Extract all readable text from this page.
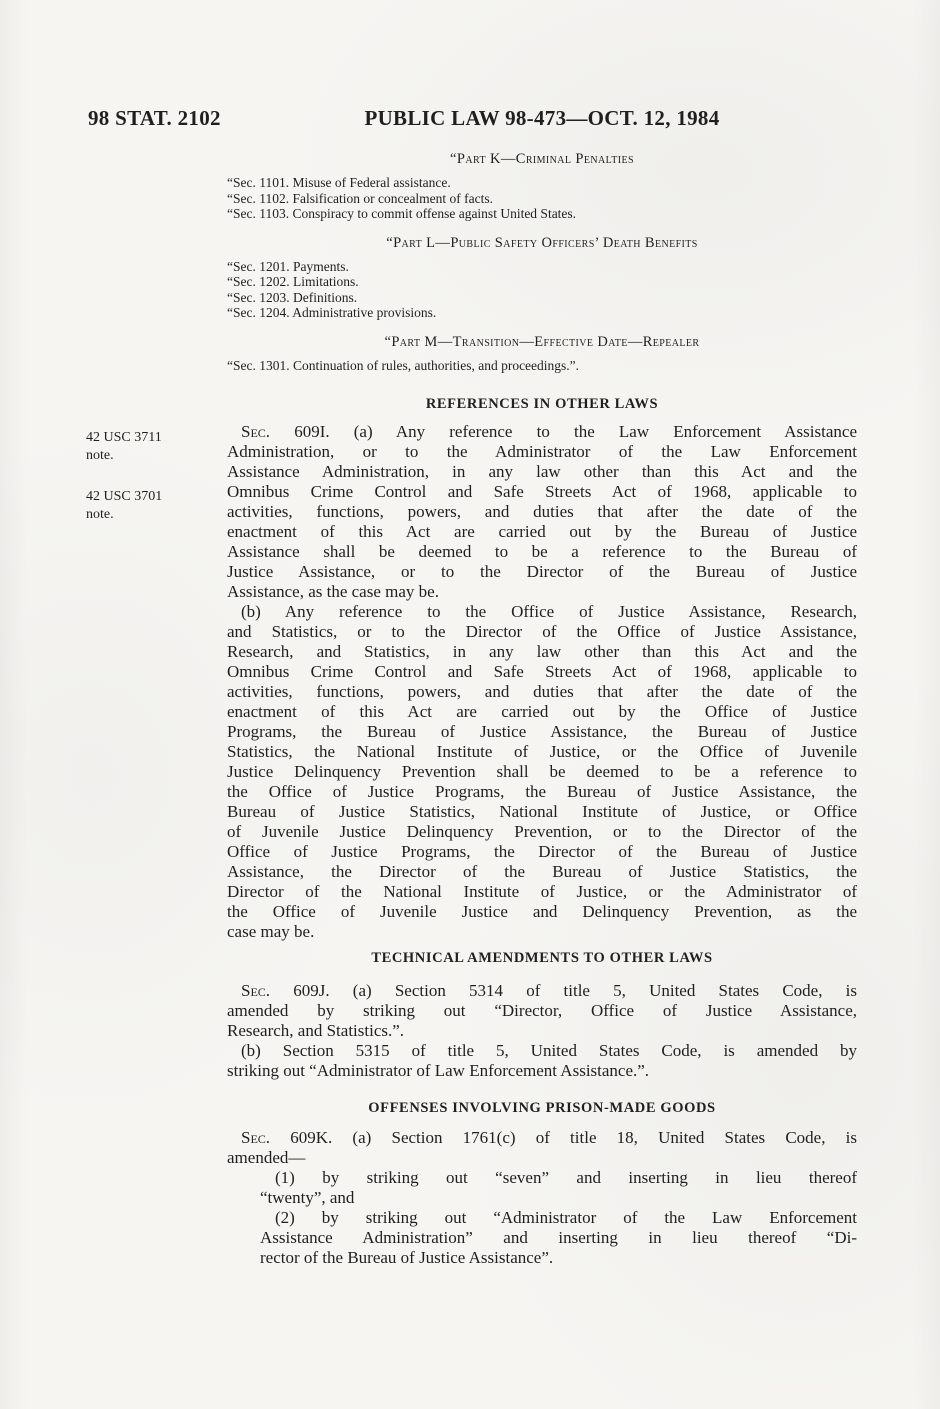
98 STAT. 2102	PUBLIC LAW 98-473—OCT. 12, 1984
“Part K—Criminal Penalties
“Sec. 1101. Misuse of Federal assistance.
“Sec. 1102. Falsification or concealment of facts.
“Sec. 1103. Conspiracy to commit offense against United States.
“Part L—Public Safety Officers’ Death Benefits
“Sec. 1201. Payments.
“Sec. 1202. Limitations.
“Sec. 1203. Definitions.
“Sec. 1204. Administrative provisions.
“Part M—Transition—Effective Date—Repealer
“Sec. 1301. Continuation of rules, authorities, and proceedings.”.
42 USC 3711 note.
42 USC 3701 note.
REFERENCES IN OTHER LAWS
Sec. 609I. (a) Any reference to the Law Enforcement Assistance
Administration, or to the Administrator of the Law Enforcement
Assistance Administration, in any law other than this Act and the
Omnibus Crime Control and Safe Streets Act of 1968, applicable to
activities, functions, powers, and duties that after the date of the
enactment of this Act are carried out by the Bureau of Justice
Assistance shall be deemed to be a reference to the Bureau of
Justice Assistance, or to the Director of the Bureau of Justice
Assistance, as the case may be.
(b) Any reference to the Office of Justice Assistance, Research,
and Statistics, or to the Director of the Office of Justice Assistance,
Research, and Statistics, in any law other than this Act and the
Omnibus Crime Control and Safe Streets Act of 1968, applicable to
activities, functions, powers, and duties that after the date of the
enactment of this Act are carried out by the Office of Justice
Programs, the Bureau of Justice Assistance, the Bureau of Justice
Statistics, the National Institute of Justice, or the Office of Juvenile
Justice Delinquency Prevention shall be deemed to be a reference to
the Office of Justice Programs, the Bureau of Justice Assistance, the
Bureau of Justice Statistics, National Institute of Justice, or Office
of Juvenile Justice Delinquency Prevention, or to the Director of the
Office of Justice Programs, the Director of the Bureau of Justice
Assistance, the Director of the Bureau of Justice Statistics, the
Director of the National Institute of Justice, or the Administrator of
the Office of Juvenile Justice and Delinquency Prevention, as the
case may be.
TECHNICAL AMENDMENTS TO OTHER LAWS
Sec. 609J. (a) Section 5314 of title 5, United States Code, is
amended by striking out “Director, Office of Justice Assistance,
Research, and Statistics.”.
(b) Section 5315 of title 5, United States Code, is amended by
striking out “Administrator of Law Enforcement Assistance.”.
OFFENSES INVOLVING PRISON-MADE GOODS
Sec. 609K. (a) Section 1761(c) of title 18, United States Code, is
amended—
(1) by striking out “seven” and inserting in lieu thereof
“twenty”, and
(2) by striking out “Administrator of the Law Enforcement
Assistance Administration” and inserting in lieu thereof “Di-
rector of the Bureau of Justice Assistance”.
